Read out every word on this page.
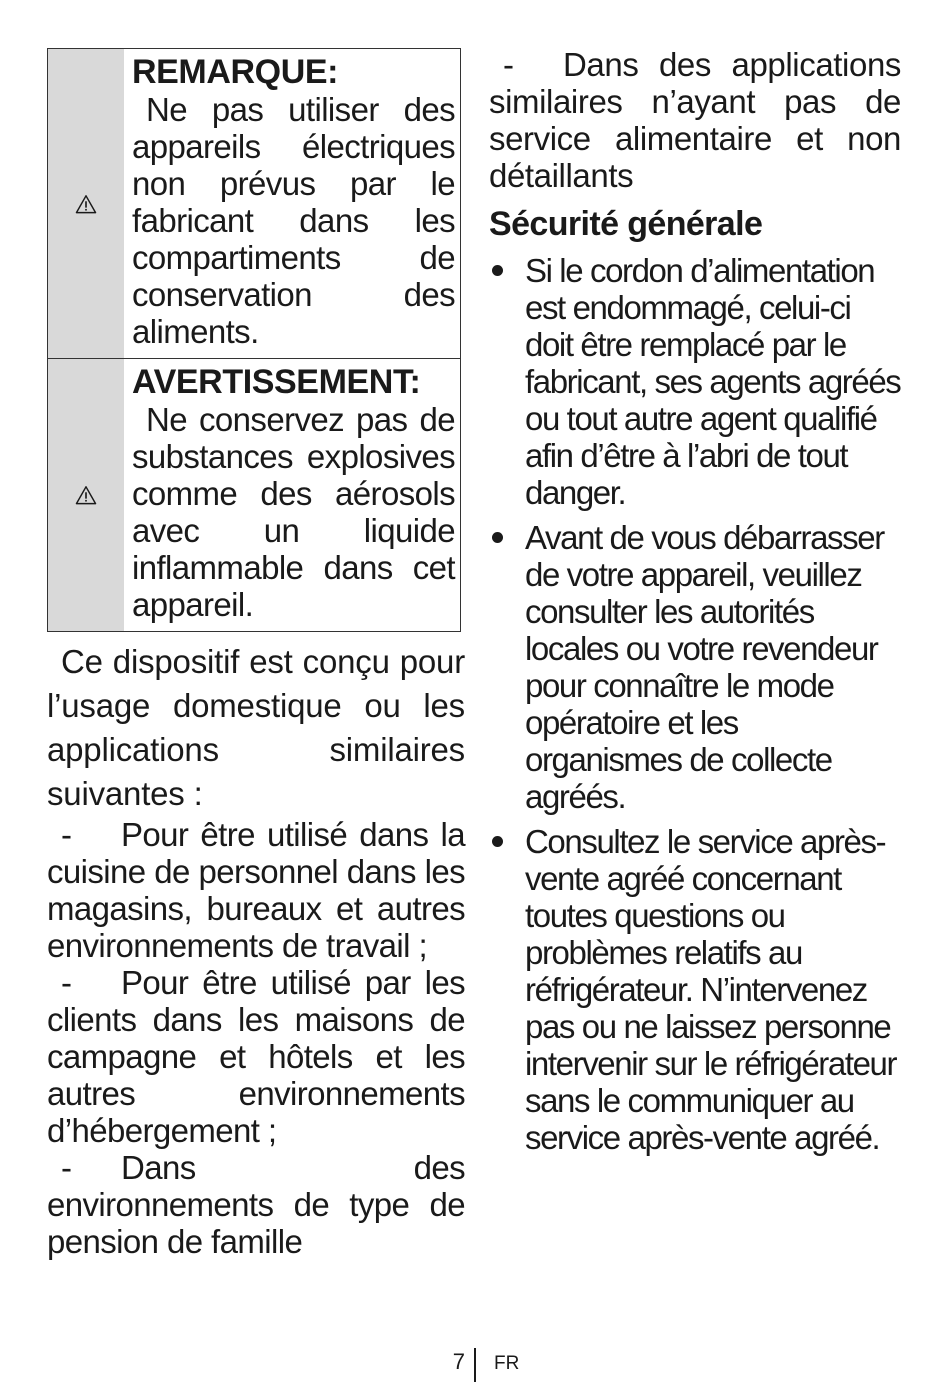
REMARQUE:
Ne pas utiliser des appareils électriques non prévus par le fabricant dans les compartiments de conservation des aliments.
AVERTISSEMENT:
Ne conservez pas de substances explosives comme des aérosols avec un liquide inflammable dans cet appareil.
Ce dispositif est conçu pour l’usage domestique ou les applications similaires suivantes :
- Pour être utilisé dans la cuisine de personnel dans les magasins, bureaux et autres environnements de travail ;
- Pour être utilisé par les clients dans les maisons de campagne et hôtels et les autres environnements d’hébergement ;
- Dans des environnements de type de pension de famille
- Dans des applications similaires n’ayant pas de service alimentaire et non détaillants
Sécurité générale
Si le cordon d’alimentation est endommagé, celui-ci doit être remplacé par le fabricant, ses agents agréés ou tout autre agent qualifié afin d’être à l’abri de tout danger.
Avant de vous débarrasser de votre appareil, veuillez consulter les autorités locales ou votre revendeur pour connaître le mode opératoire et les organismes de collecte agréés.
Consultez le service après-vente agréé concernant toutes questions ou problèmes relatifs au réfrigérateur. N’intervenez pas ou ne laissez personne intervenir sur le réfrigérateur sans le communiquer au service après-vente agréé.
7 FR
